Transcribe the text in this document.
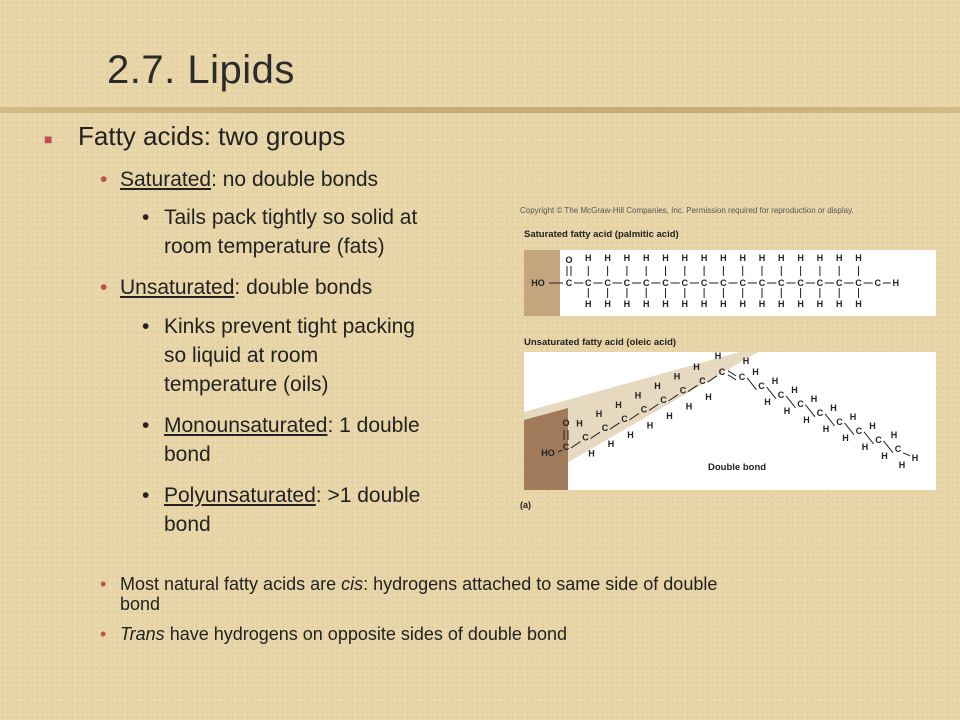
2.7. Lipids
■ Fatty acids: two groups
• Saturated: no double bonds
• Tails pack tightly so solid at
room temperature (fats)
• Unsaturated: double bonds
• Kinks prevent tight packing
so liquid at room
temperature (oils)
• Monounsaturated: 1 double
bond
• Polyunsaturated: >1 double
bond
• Most natural fatty acids are cis: hydrogens attached to same side of double
bond
• Trans have hydrogens on opposite sides of double bond
Copyright © The McGraw-Hill Companies, Inc. Permission required for reproduction or display.
Saturated fatty acid (palmitic acid)
HO
O
C C
H
H
C
H
H
C
H
H
C
H
H
C
H
H
C
H
H
C
H
H
C
H
H
C
H
H
C
H
H
C
H
H
C
H
H
C
H
H
C
H
H
C
H
H
C H
Unsaturated fatty acid (oleic acid)
HO
O
C
C
H
H
C
H
H
C
H
H
C
H
H
C
H
H
C
H
H
C
H
H
C
H
C
H
C
H
H
C
H
H
C
H
H
C
H
H
C
H
H
C
H
H
C
H
H
C
H
H
H
Double bond
(a)
